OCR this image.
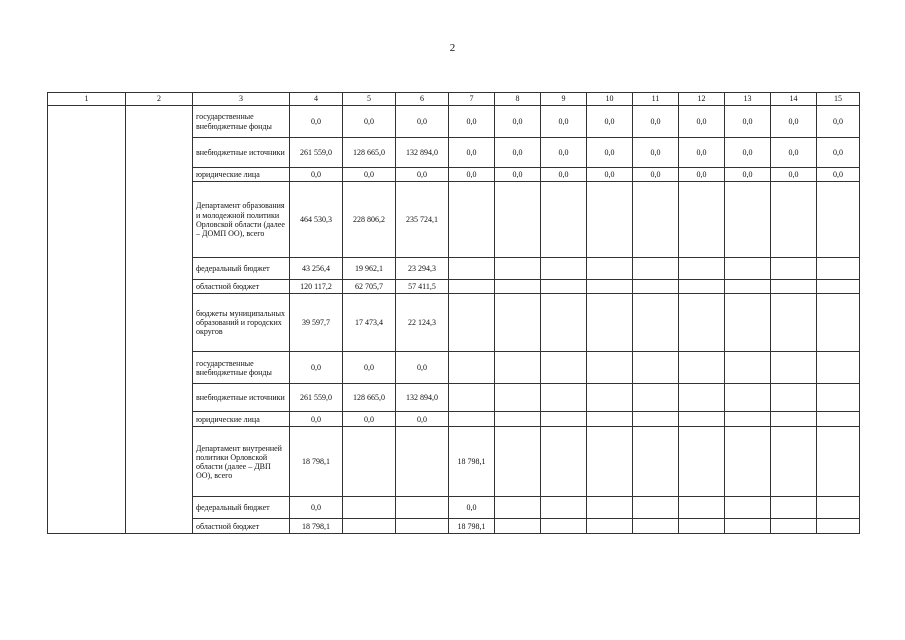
2
1	2	3	4	5	6	7	8	9	10	11	12	13	14	15
		государственные внебюджетные фонды	0,0	0,0	0,0	0,0	0,0	0,0	0,0	0,0	0,0	0,0	0,0	0,0
		внебюджетные источники	261 559,0	128 665,0	132 894,0	0,0	0,0	0,0	0,0	0,0	0,0	0,0	0,0	0,0
		юридические лица	0,0	0,0	0,0	0,0	0,0	0,0	0,0	0,0	0,0	0,0	0,0	0,0
		Департамент образования и молодежной политики Орловской области (далее – ДОМП ОО), всего	464 530,3	228 806,2	235 724,1									
		федеральный бюджет	43 256,4	19 962,1	23 294,3									
		областной бюджет	120 117,2	62 705,7	57 411,5									
		бюджеты муниципальных образований и городских округов	39 597,7	17 473,4	22 124,3									
		государственные внебюджетные фонды	0,0	0,0	0,0									
		внебюджетные источники	261 559,0	128 665,0	132 894,0									
		юридические лица	0,0	0,0	0,0									
		Департамент внутренней политики Орловской области (далее – ДВП ОО), всего	18 798,1			18 798,1								
		федеральный бюджет	0,0			0,0								
		областной бюджет	18 798,1			18 798,1								
